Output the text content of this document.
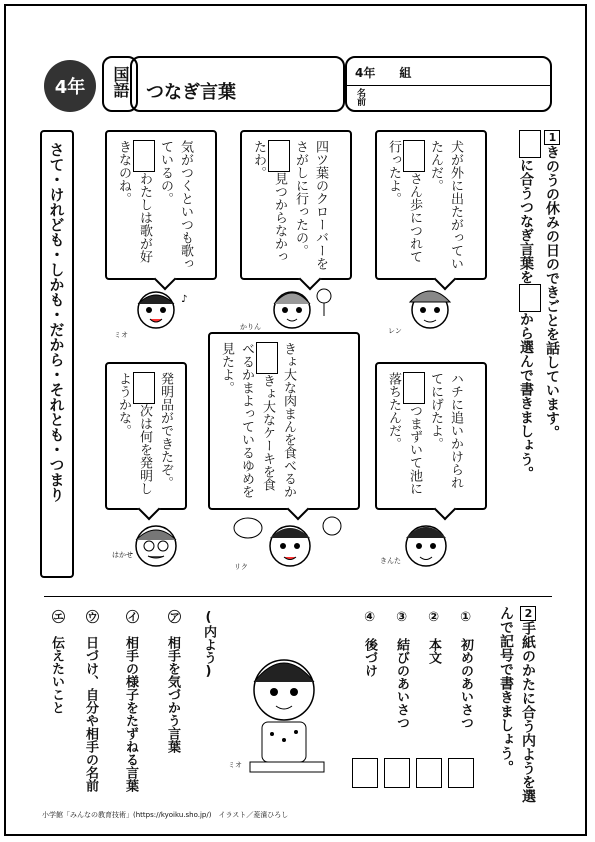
4年	国語 つなぎ言葉
4年　　組
名前
1きのうの休みの日のできごとを話しています。
に合うつなぎ言葉をから選んで書きましょう。
犬が外に出たがっていたんだ。
さん歩につれて行ったよ。
四ツ葉のクローバーをさがしに行ったの。
見つからなかったわ。
気がつくといつも歌っているの。
わたしは歌が好きなのね。
ハチに追いかけられてにげたよ。
つまずいて池に落ちたんだ。
きょ大な肉まんを食べるか
きょ大なケーキを食べるかまよっているゆめを見たよ。
発明品ができたぞ。
次は何を発明しようかな。
レン
かりん
♪
ミオ
きんた
リク
はかせ
さて・けれども・しかも・だから・それとも・つまり
2手紙のかたに合う内ようを選んで記号で書きましょう。
①　初めのあいさつ
②　本文
③　結びのあいさつ
④　後づけ
ミオ
(内よう)
㋐　相手を気づかう言葉
㋑　相手の様子をたずねる言葉
㋒　日づけ、自分や相手の名前
㋓　伝えたいこと
小学館「みんなの教育技術」(https://kyoiku.sho.jp/)　イラスト／菱濱ひろし
